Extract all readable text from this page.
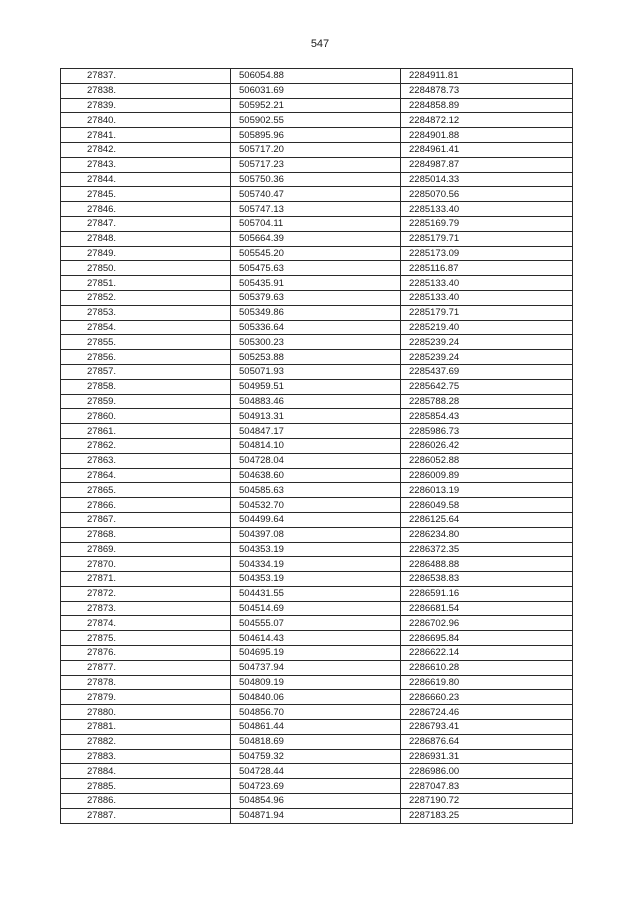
547
27837.	506054.88	2284911.81
27838.	506031.69	2284878.73
27839.	505952.21	2284858.89
27840.	505902.55	2284872.12
27841.	505895.96	2284901.88
27842.	505717.20	2284961.41
27843.	505717.23	2284987.87
27844.	505750.36	2285014.33
27845.	505740.47	2285070.56
27846.	505747.13	2285133.40
27847.	505704.11	2285169.79
27848.	505664.39	2285179.71
27849.	505545.20	2285173.09
27850.	505475.63	2285116.87
27851.	505435.91	2285133.40
27852.	505379.63	2285133.40
27853.	505349.86	2285179.71
27854.	505336.64	2285219.40
27855.	505300.23	2285239.24
27856.	505253.88	2285239.24
27857.	505071.93	2285437.69
27858.	504959.51	2285642.75
27859.	504883.46	2285788.28
27860.	504913.31	2285854.43
27861.	504847.17	2285986.73
27862.	504814.10	2286026.42
27863.	504728.04	2286052.88
27864.	504638.60	2286009.89
27865.	504585.63	2286013.19
27866.	504532.70	2286049.58
27867.	504499.64	2286125.64
27868.	504397.08	2286234.80
27869.	504353.19	2286372.35
27870.	504334.19	2286488.88
27871.	504353.19	2286538.83
27872.	504431.55	2286591.16
27873.	504514.69	2286681.54
27874.	504555.07	2286702.96
27875.	504614.43	2286695.84
27876.	504695.19	2286622.14
27877.	504737.94	2286610.28
27878.	504809.19	2286619.80
27879.	504840.06	2286660.23
27880.	504856.70	2286724.46
27881.	504861.44	2286793.41
27882.	504818.69	2286876.64
27883.	504759.32	2286931.31
27884.	504728.44	2286986.00
27885.	504723.69	2287047.83
27886.	504854.96	2287190.72
27887.	504871.94	2287183.25
